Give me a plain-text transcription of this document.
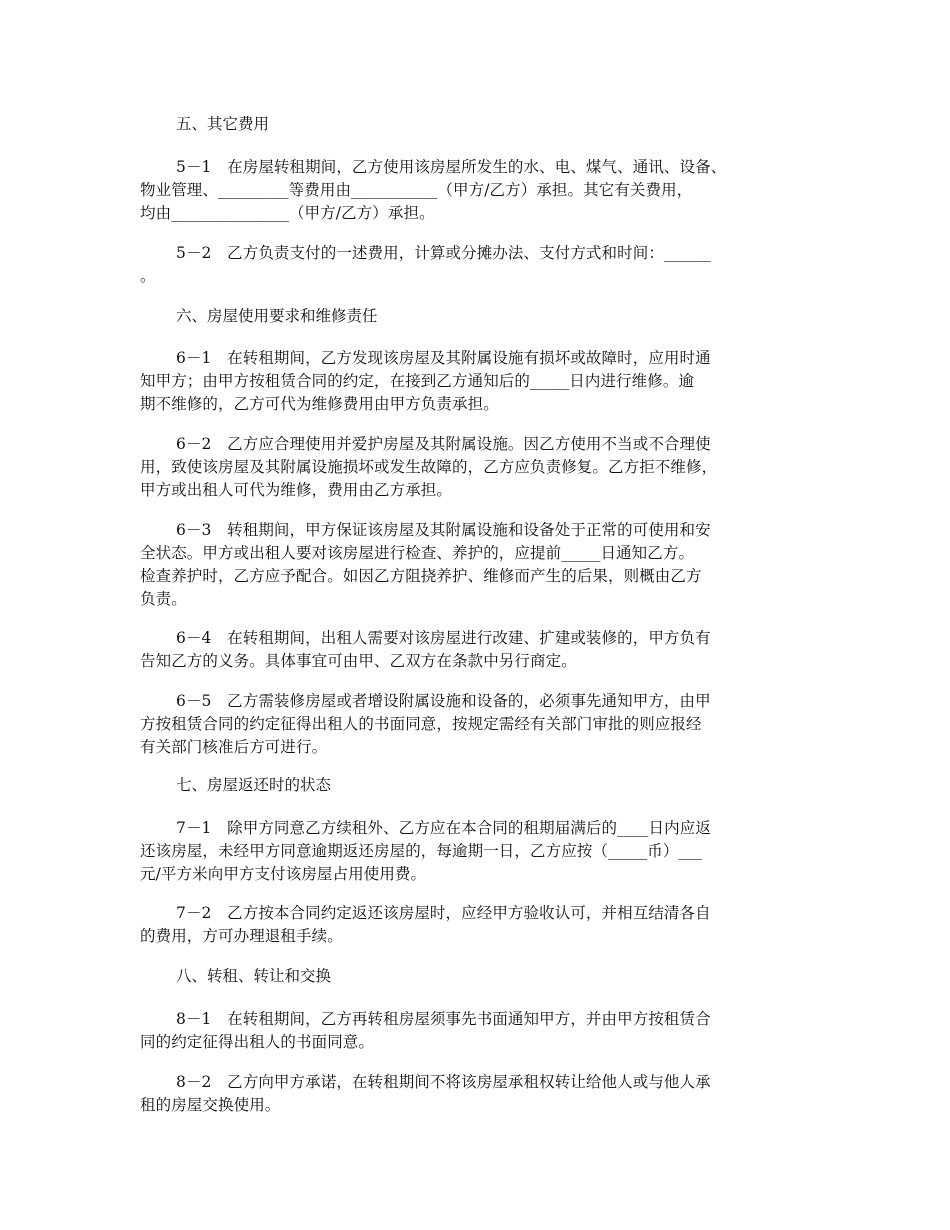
五、其它费用
5－1　在房屋转租期间，乙方使用该房屋所发生的水、电、煤气、通讯、设备、
物业管理、_________等费用由___________（甲方/乙方）承担。其它有关费用，
均由_______________（甲方/乙方）承担。
5－2　乙方负责支付的一述费用，计算或分摊办法、支付方式和时间：______
。
六、房屋使用要求和维修责任
6－1　在转租期间，乙方发现该房屋及其附属设施有损坏或故障时，应用时通
知甲方；由甲方按租赁合同的约定，在接到乙方通知后的_____日内进行维修。逾
期不维修的，乙方可代为维修费用由甲方负责承担。
6－2　乙方应合理使用并爱护房屋及其附属设施。因乙方使用不当或不合理使
用，致使该房屋及其附属设施损坏或发生故障的，乙方应负责修复。乙方拒不维修，
甲方或出租人可代为维修，费用由乙方承担。
6－3　转租期间，甲方保证该房屋及其附属设施和设备处于正常的可使用和安
全状态。甲方或出租人要对该房屋进行检查、养护的，应提前_____日通知乙方。
检查养护时，乙方应予配合。如因乙方阻挠养护、维修而产生的后果，则概由乙方
负责。
6－4　在转租期间，出租人需要对该房屋进行改建、扩建或装修的，甲方负有
告知乙方的义务。具体事宜可由甲、乙双方在条款中另行商定。
6－5　乙方需装修房屋或者增设附属设施和设备的，必须事先通知甲方，由甲
方按租赁合同的约定征得出租人的书面同意，按规定需经有关部门审批的则应报经
有关部门核准后方可进行。
七、房屋返还时的状态
7－1　除甲方同意乙方续租外、乙方应在本合同的租期届满后的____日内应返
还该房屋，未经甲方同意逾期返还房屋的，每逾期一日，乙方应按（_____币）___
元/平方米向甲方支付该房屋占用使用费。
7－2　乙方按本合同约定返还该房屋时，应经甲方验收认可，并相互结清各自
的费用，方可办理退租手续。
八、转租、转让和交换
8－1　在转租期间，乙方再转租房屋须事先书面通知甲方，并由甲方按租赁合
同的约定征得出租人的书面同意。
8－2　乙方向甲方承诺，在转租期间不将该房屋承租权转让给他人或与他人承
租的房屋交换使用。
